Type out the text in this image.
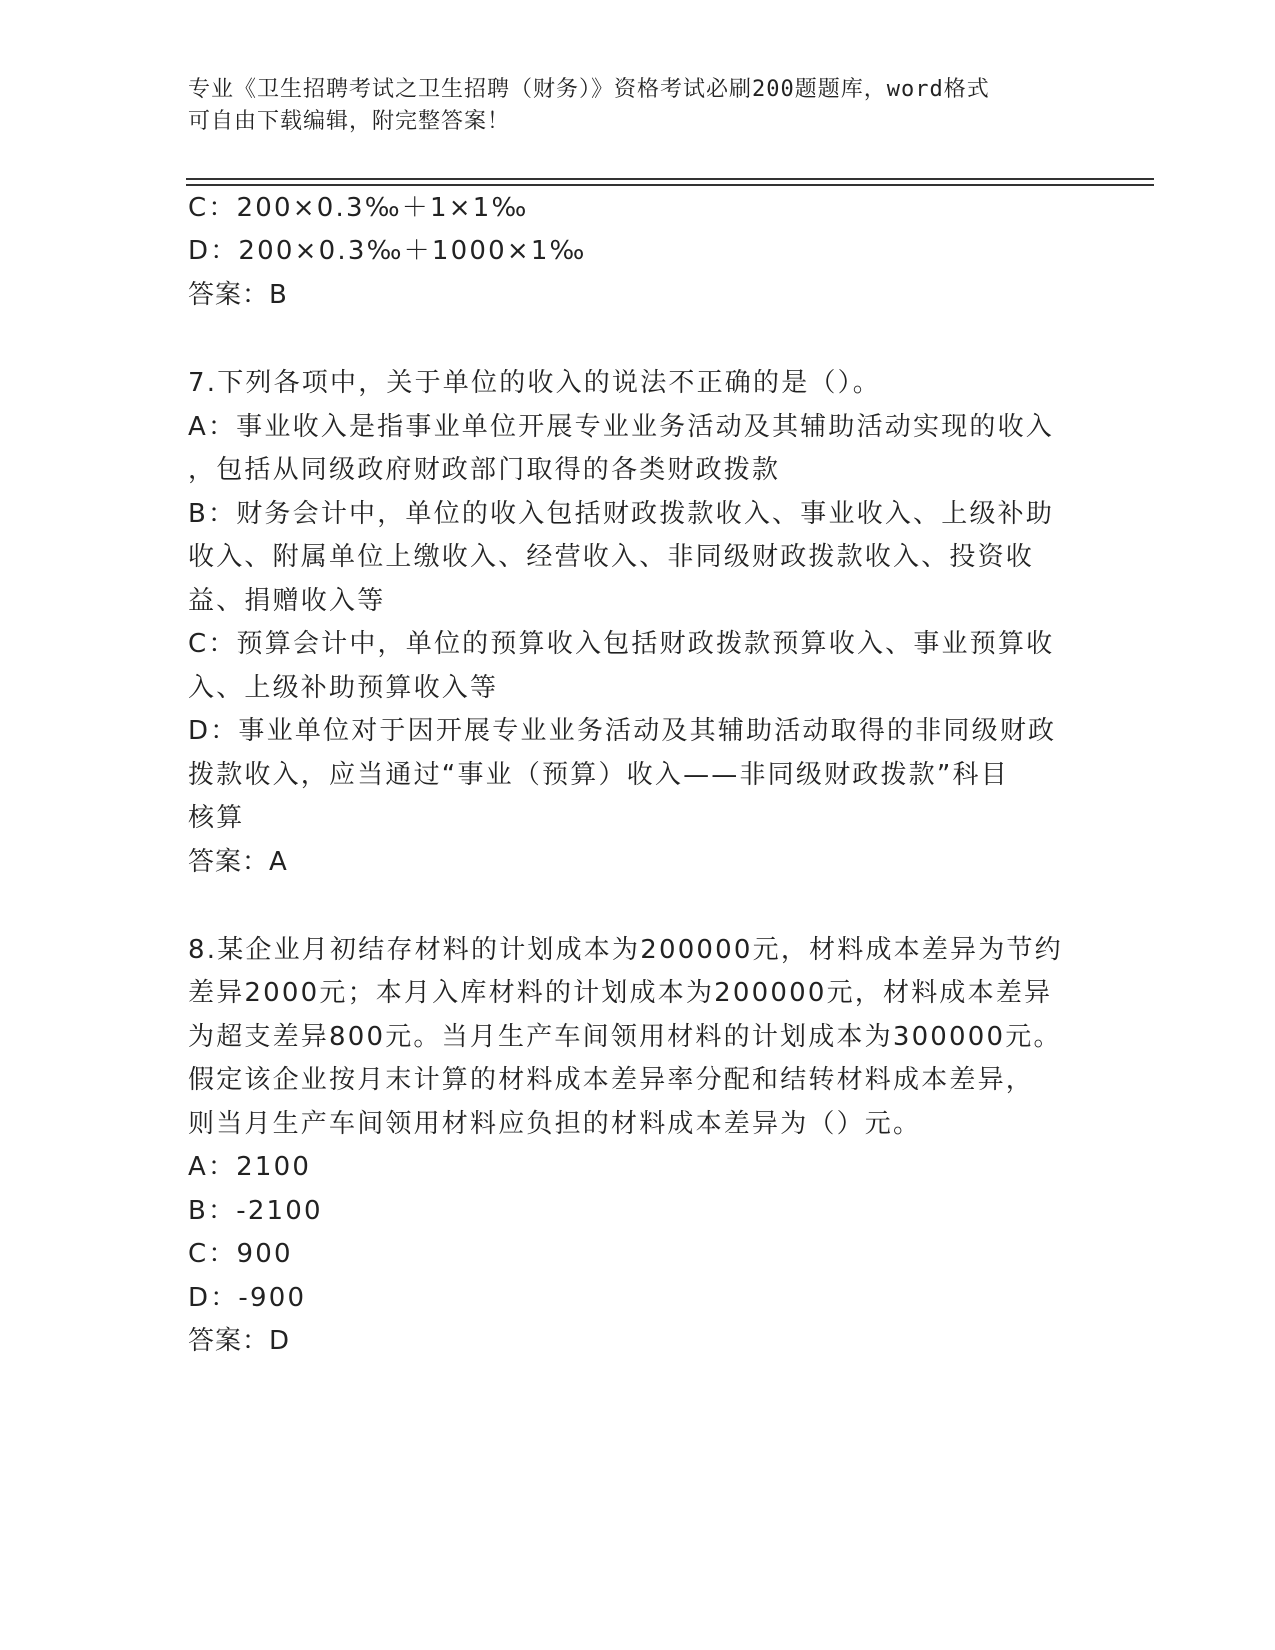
专业《卫生招聘考试之卫生招聘（财务）》资格考试必刷200题题库，word格式
可自由下载编辑，附完整答案！
C：200×0.3‰＋1×1‰
D：200×0.3‰＋1000×1‰
答案：B
7.下列各项中，关于单位的收入的说法不正确的是（）。
A：事业收入是指事业单位开展专业业务活动及其辅助活动实现的收入
，包括从同级政府财政部门取得的各类财政拨款
B：财务会计中，单位的收入包括财政拨款收入、事业收入、上级补助
收入、附属单位上缴收入、经营收入、非同级财政拨款收入、投资收
益、捐赠收入等
C：预算会计中，单位的预算收入包括财政拨款预算收入、事业预算收
入、上级补助预算收入等
D：事业单位对于因开展专业业务活动及其辅助活动取得的非同级财政
拨款收入，应当通过“事业（预算）收入——非同级财政拨款”科目
核算
答案：A
8.某企业月初结存材料的计划成本为200000元，材料成本差异为节约
差异2000元；本月入库材料的计划成本为200000元，材料成本差异
为超支差异800元。当月生产车间领用材料的计划成本为300000元。
假定该企业按月末计算的材料成本差异率分配和结转材料成本差异，
则当月生产车间领用材料应负担的材料成本差异为（）元。
A：2100
B：-2100
C：900
D：-900
答案：D
